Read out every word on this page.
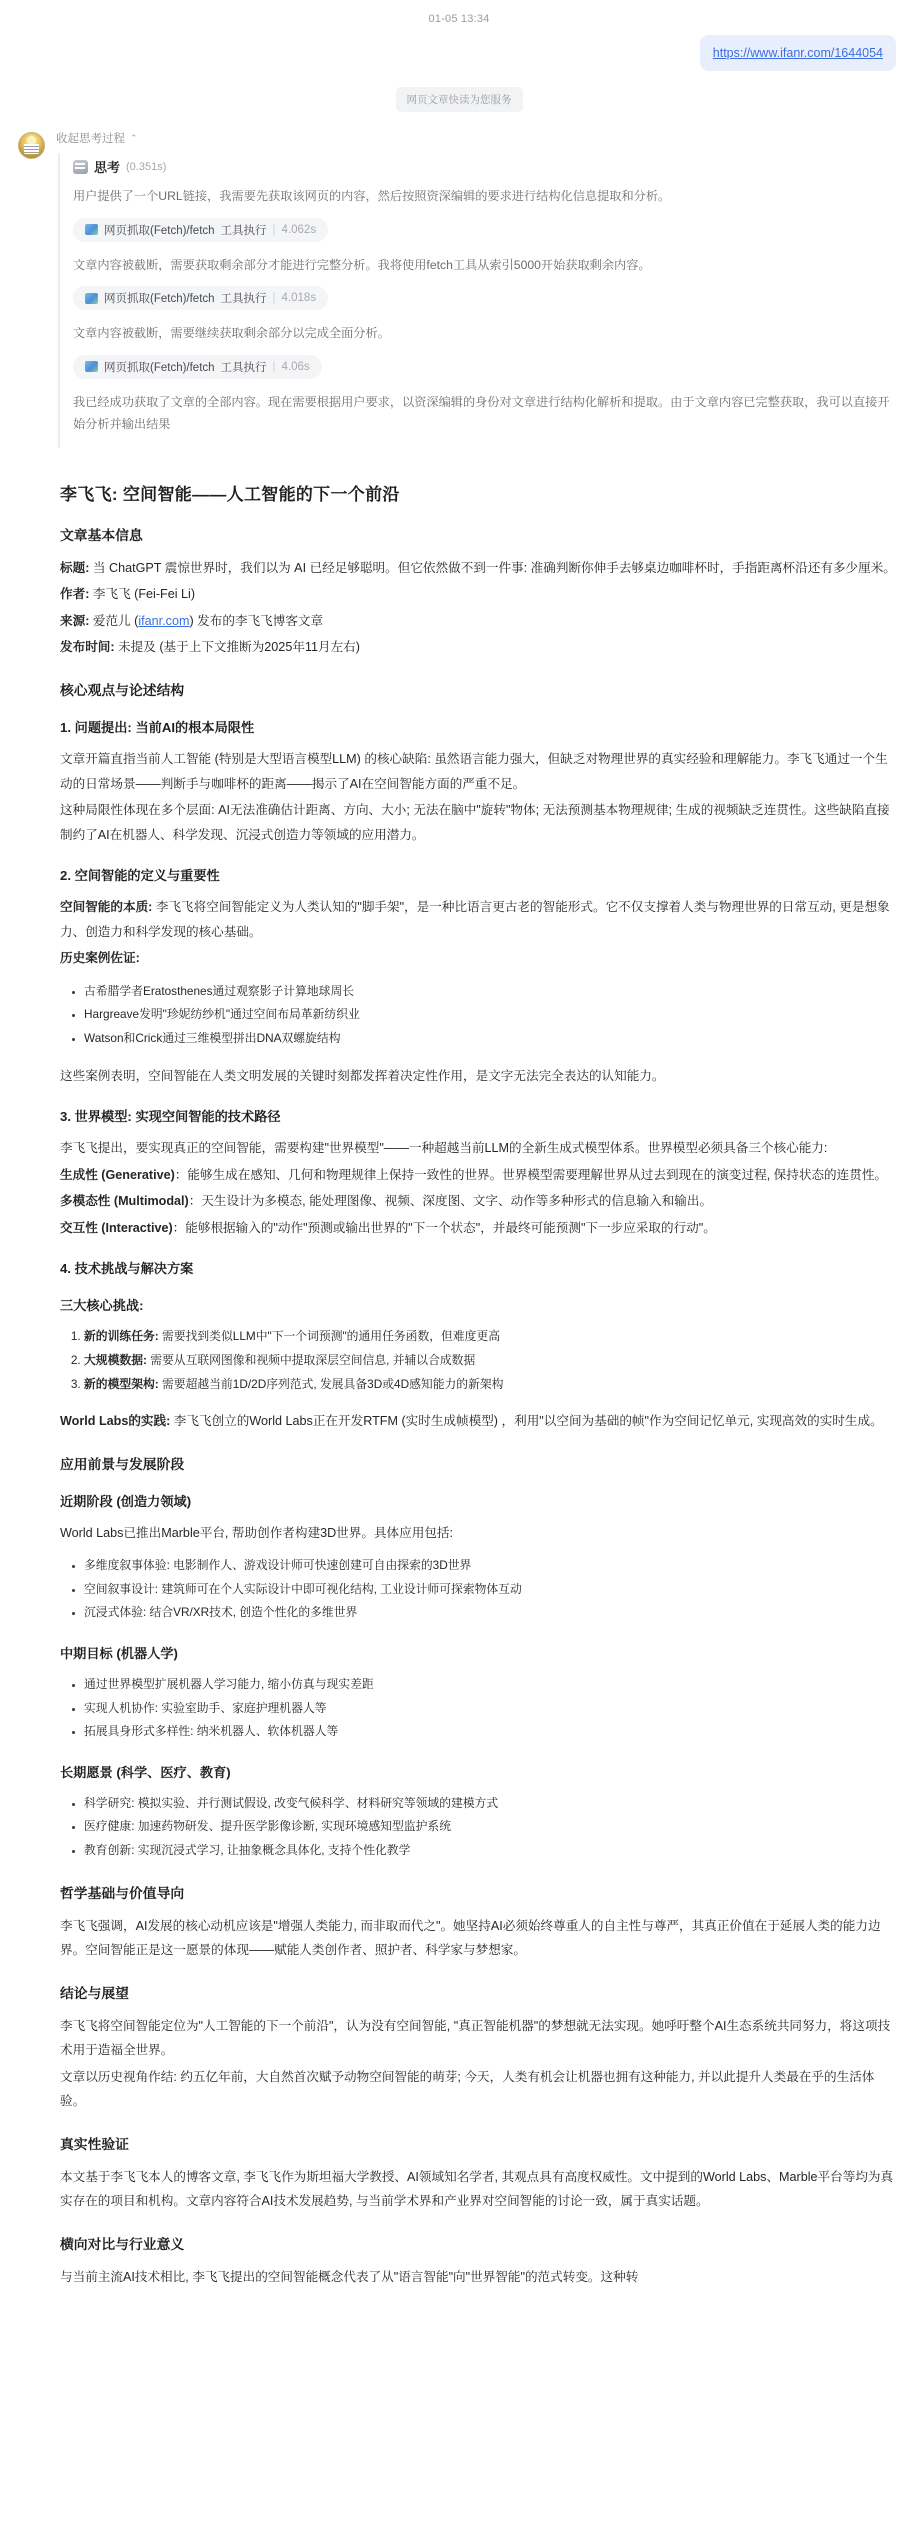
01-05 13:34
https://www.ifanr.com/1644054
网页文章快读为您服务
收起思考过程 ⌃
思考 (0.351s)

用户提供了一个URL链接，我需要先获取该网页的内容，然后按照资深编辑的要求进行结构化信息提取和分析。

网页抓取(Fetch)/fetch 工具执行 | 4.062s

文章内容被截断，需要获取剩余部分才能进行完整分析。我将使用fetch工具从索引5000开始获取剩余内容。

网页抓取(Fetch)/fetch 工具执行 | 4.018s

文章内容被截断，需要继续获取剩余部分以完成全面分析。

网页抓取(Fetch)/fetch 工具执行 | 4.06s

我已经成功获取了文章的全部内容。现在需要根据用户要求，以资深编辑的身份对文章进行结构化解析和提取。由于文章内容已完整获取，我可以直接开始分析并输出结果

李飞飞: 空间智能——人工智能的下一个前沿
文章基本信息

标题: 当 ChatGPT 震惊世界时，我们以为 AI 已经足够聪明。但它依然做不到一件事: 准确判断你伸手去够桌边咖啡杯时，手指距离杯沿还有多少厘米。

作者: 李飞飞 (Fei-Fei Li)

来源: 爱范儿 (ifanr.com) 发布的李飞飞博客文章

发布时间: 未提及 (基于上下文推断为2025年11月左右)

核心观点与论述结构
1. 问题提出: 当前AI的根本局限性

文章开篇直指当前人工智能 (特别是大型语言模型LLM) 的核心缺陷: 虽然语言能力强大，但缺乏对物理世界的真实经验和理解能力。李飞飞通过一个生动的日常场景——判断手与咖啡杯的距离——揭示了AI在空间智能方面的严重不足。

这种局限性体现在多个层面: AI无法准确估计距离、方向、大小; 无法在脑中"旋转"物体; 无法预测基本物理规律; 生成的视频缺乏连贯性。这些缺陷直接制约了AI在机器人、科学发现、沉浸式创造力等领域的应用潜力。

2. 空间智能的定义与重要性

空间智能的本质: 李飞飞将空间智能定义为人类认知的"脚手架"，是一种比语言更古老的智能形式。它不仅支撑着人类与物理世界的日常互动, 更是想象力、创造力和科学发现的核心基础。

历史案例佐证:

• 古希腊学者Eratosthenes通过观察影子计算地球周长
• Hargreave发明"珍妮纺纱机"通过空间布局革新纺织业
• Watson和Crick通过三维模型拼出DNA双螺旋结构

这些案例表明，空间智能在人类文明发展的关键时刻都发挥着决定性作用，是文字无法完全表达的认知能力。

3. 世界模型: 实现空间智能的技术路径

李飞飞提出，要实现真正的空间智能，需要构建"世界模型"——一种超越当前LLM的全新生成式模型体系。世界模型必须具备三个核心能力:

生成性 (Generative)：能够生成在感知、几何和物理规律上保持一致性的世界。世界模型需要理解世界从过去到现在的演变过程, 保持状态的连贯性。

多模态性 (Multimodal)：天生设计为多模态, 能处理图像、视频、深度图、文字、动作等多种形式的信息输入和输出。

交互性 (Interactive)：能够根据输入的"动作"预测或输出世界的"下一个状态"，并最终可能预测"下一步应采取的行动"。

4. 技术挑战与解决方案
三大核心挑战:
1. 新的训练任务: 需要找到类似LLM中"下一个词预测"的通用任务函数，但难度更高
2. 大规模数据: 需要从互联网图像和视频中提取深层空间信息, 并辅以合成数据
3. 新的模型架构: 需要超越当前1D/2D序列范式, 发展具备3D或4D感知能力的新架构

World Labs的实践: 李飞飞创立的World Labs正在开发RTFM (实时生成帧模型) ，利用"以空间为基础的帧"作为空间记忆单元, 实现高效的实时生成。

应用前景与发展阶段
近期阶段 (创造力领域)

World Labs已推出Marble平台, 帮助创作者构建3D世界。具体应用包括:

• 多维度叙事体验: 电影制作人、游戏设计师可快速创建可自由探索的3D世界
• 空间叙事设计: 建筑师可在个人实际设计中即可视化结构, 工业设计师可探索物体互动
• 沉浸式体验: 结合VR/XR技术, 创造个性化的多维世界
中期目标 (机器人学)
• 通过世界模型扩展机器人学习能力, 缩小仿真与现实差距
• 实现人机协作: 实验室助手、家庭护理机器人等
• 拓展具身形式多样性: 纳米机器人、软体机器人等
长期愿景 (科学、医疗、教育)
• 科学研究: 模拟实验、并行测试假设, 改变气候科学、材料研究等领域的建模方式
• 医疗健康: 加速药物研发、提升医学影像诊断, 实现环境感知型监护系统
• 教育创新: 实现沉浸式学习, 让抽象概念具体化, 支持个性化教学
哲学基础与价值导向

李飞飞强调，AI发展的核心动机应该是"增强人类能力, 而非取而代之"。她坚持AI必须始终尊重人的自主性与尊严，其真正价值在于延展人类的能力边界。空间智能正是这一愿景的体现——赋能人类创作者、照护者、科学家与梦想家。

结论与展望

李飞飞将空间智能定位为"人工智能的下一个前沿"，认为没有空间智能, "真正智能机器"的梦想就无法实现。她呼吁整个AI生态系统共同努力，将这项技术用于造福全世界。

文章以历史视角作结: 约五亿年前，大自然首次赋予动物空间智能的萌芽; 今天，人类有机会让机器也拥有这种能力, 并以此提升人类最在乎的生活体验。

真实性验证

本文基于李飞飞本人的博客文章, 李飞飞作为斯坦福大学教授、AI领域知名学者, 其观点具有高度权威性。文中提到的World Labs、Marble平台等均为真实存在的项目和机构。文章内容符合AI技术发展趋势, 与当前学术界和产业界对空间智能的讨论一致，属于真实话题。

横向对比与行业意义

与当前主流AI技术相比, 李飞飞提出的空间智能概念代表了从"语言智能"向"世界智能"的范式转变。这种转
